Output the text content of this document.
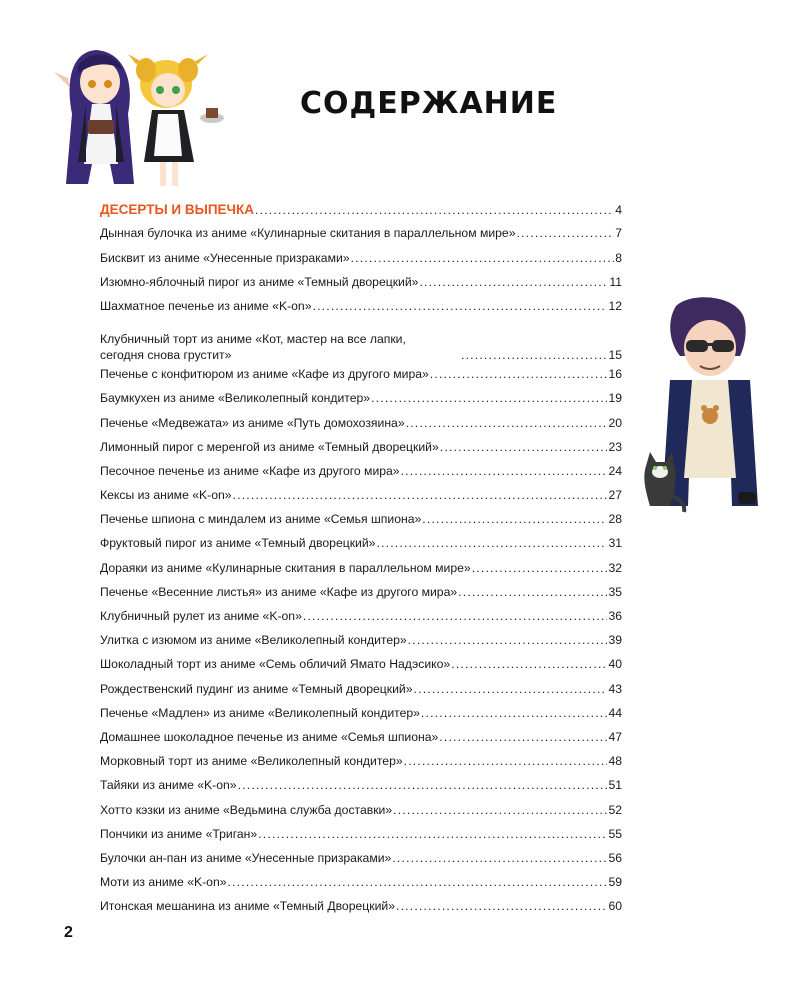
СОДЕРЖАНИЕ
ДЕСЕРТЫ И ВЫПЕЧКА .....	4
Дынная булочка из аниме «Кулинарные скитания в параллельном мире» .....	7
Бисквит из аниме «Унесенные призраками» .....	8
Изюмно-яблочный пирог из аниме «Темный дворецкий» .....	11
Шахматное печенье из аниме «K-on» .....	12
Клубничный торт из аниме «Кот, мастер на все лапки,
сегодня снова грустит» .....	15
Печенье с конфитюром из аниме «Кафе из другого мира» .....	16
Баумкухен из аниме «Великолепный кондитер» .....	19
Печенье «Медвежата» из аниме «Путь домохозяина» .....	20
Лимонный пирог с меренгой из аниме «Темный дворецкий» .....	23
Песочное печенье из аниме «Кафе из другого мира» .....	24
Кексы из аниме «K-on» .....	27
Печенье шпиона с миндалем из аниме «Семья шпиона» .....	28
Фруктовый пирог из аниме «Темный дворецкий» .....	31
Дораяки из аниме «Кулинарные скитания в параллельном мире» .....	32
Печенье «Весенние листья» из аниме «Кафе из другого мира» .....	35
Клубничный рулет из аниме «K-on» .....	36
Улитка с изюмом из аниме «Великолепный кондитер» .....	39
Шоколадный торт из аниме «Семь обличий Ямато Надэсико» .....	40
Рождественский пудинг из аниме «Темный дворецкий» .....	43
Печенье «Мадлен» из аниме «Великолепный кондитер» .....	44
Домашнее шоколадное печенье из аниме «Семья шпиона» .....	47
Морковный торт из аниме «Великолепный кондитер» .....	48
Тайяки из аниме «K-on» .....	51
Хотто кэзки из аниме «Ведьмина служба доставки» .....	52
Пончики из аниме «Триган» .....	55
Булочки ан-пан из аниме «Унесенные призраками» .....	56
Моти из аниме «K-on» .....	59
Итонская мешанина из аниме «Темный Дворецкий» .....	60
2
